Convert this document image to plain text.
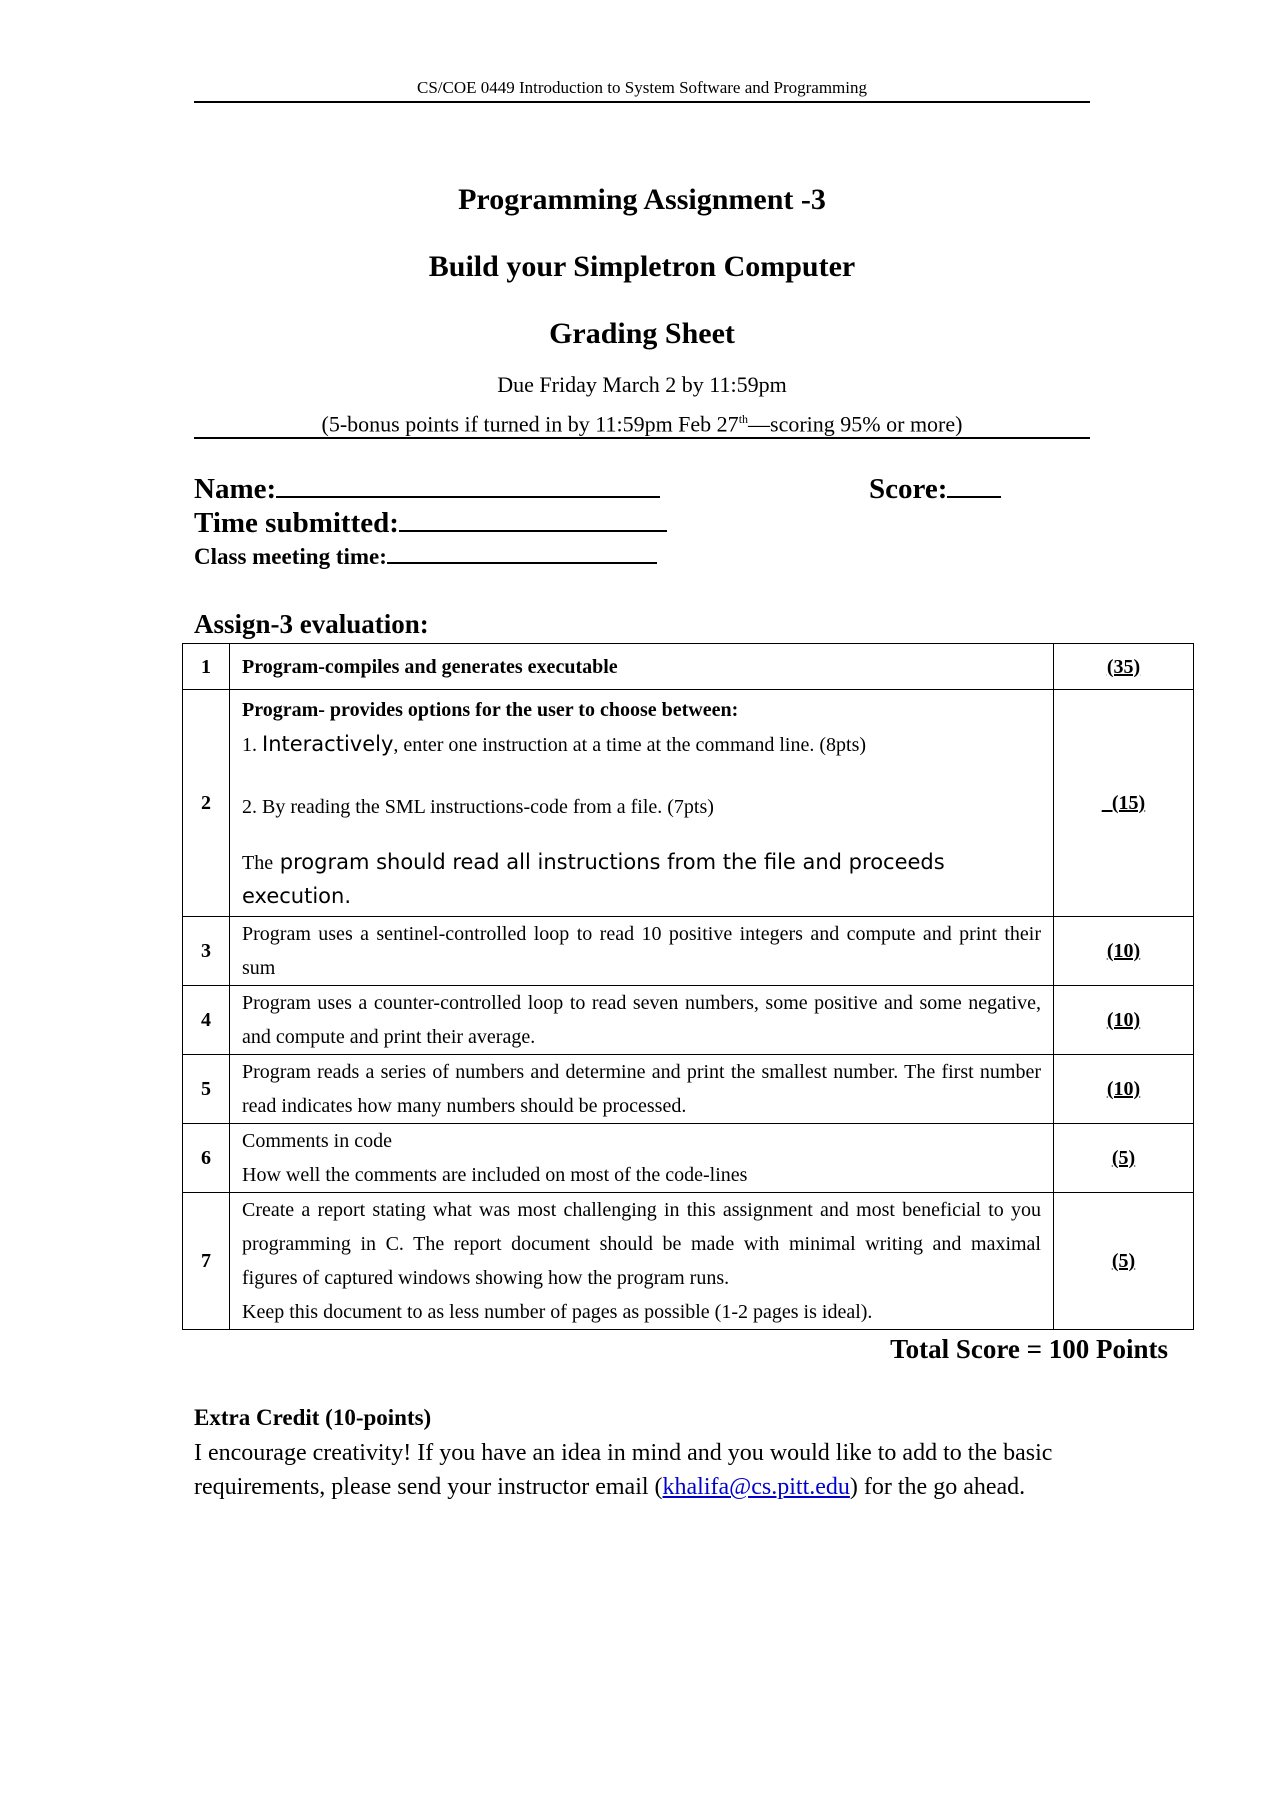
CS/COE 0449 Introduction to System Software and Programming
Programming Assignment -3
Build your Simpletron Computer
Grading Sheet
Due Friday March 2 by 11:59pm
(5-bonus points if turned in by 11:59pm Feb 27th—scoring 95% or more)
Name:	Score:
Time submitted:
Class meeting time:
Assign-3 evaluation:
1	Program-compiles and generates executable	(35)
2	Program- provides options for the user to choose between:

1. Interactively, enter one instruction at a time at the command line. (8pts)

2. By reading the SML instructions-code from a file. (7pts)

The program should read all instructions from the file and proceeds execution.	_(15)
3	Program uses a sentinel-controlled loop to read 10 positive integers and compute and print their sum	(10)
4	Program uses a counter-controlled loop to read seven numbers, some positive and some negative, and compute and print their average.	(10)
5	Program reads a series of numbers and determine and print the smallest number. The first number read indicates how many numbers should be processed.	(10)
6	Comments in code

How well the comments are included on most of the code-lines	(5)
7	Create a report stating what was most challenging in this assignment and most beneficial to you programming in C. The report document should be made with minimal writing and maximal figures of captured windows showing how the program runs.

Keep this document to as less number of pages as possible (1-2 pages is ideal).	(5)
Total Score = 100 Points
Extra Credit (10-points)
I encourage creativity! If you have an idea in mind and you would like to add to the basic requirements, please send your instructor email (khalifa@cs.pitt.edu) for the go ahead.
